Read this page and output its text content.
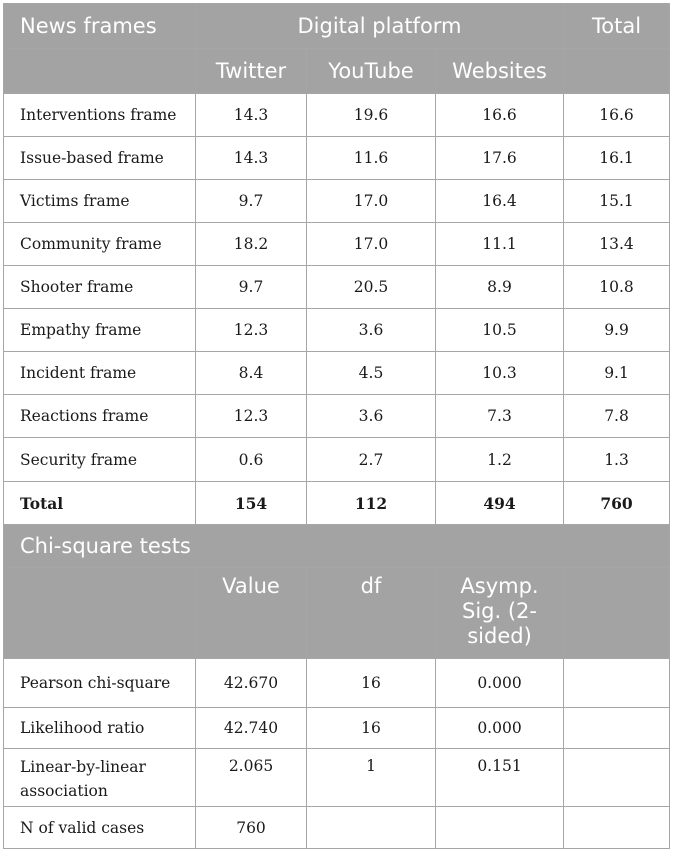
News frames	Digital platform			Total
	Twitter	YouTube	Websites	
Interventions frame	14.3	19.6	16.6	16.6
Issue-based frame	14.3	11.6	17.6	16.1
Victims frame	9.7	17.0	16.4	15.1
Community frame	18.2	17.0	11.1	13.4
Shooter frame	9.7	20.5	8.9	10.8
Empathy frame	12.3	3.6	10.5	9.9
Incident frame	8.4	4.5	10.3	9.1
Reactions frame	12.3	3.6	7.3	7.8
Security frame	0.6	2.7	1.2	1.3
Total	154	112	494	760
Chi-square tests				
	Value	df	Asymp. Sig. (2-sided)	
Pearson chi-square	42.670	16	0.000	
Likelihood ratio	42.740	16	0.000	
Linear-by-linear association	2.065	1	0.151	
N of valid cases	760			
